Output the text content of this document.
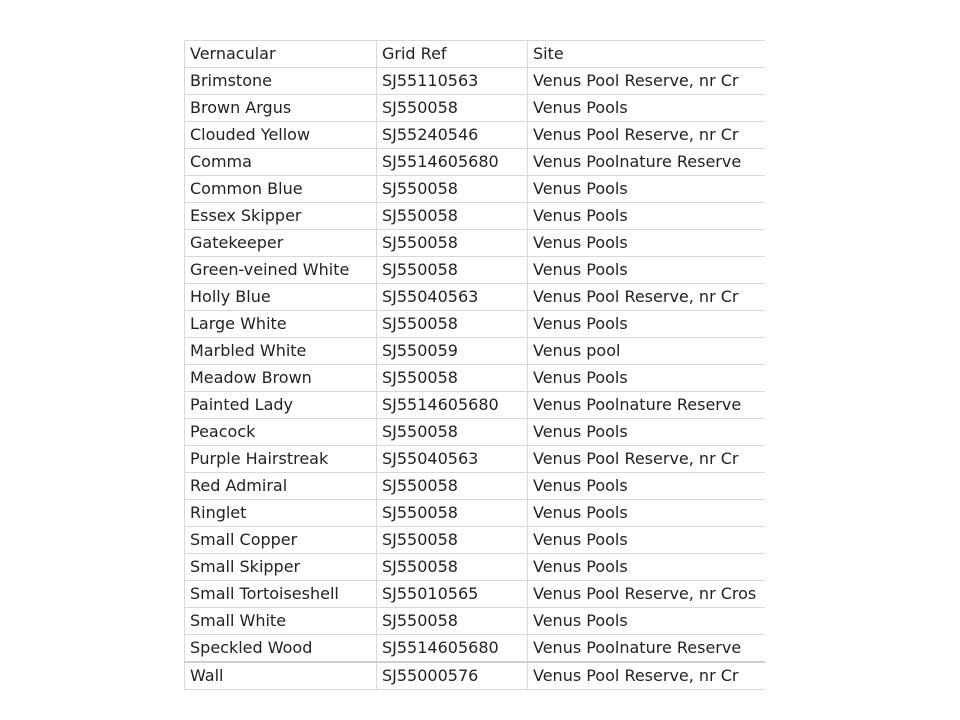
Vernacular	Grid Ref	Site
Brimstone	SJ55110563	Venus Pool Reserve, nr Cr
Brown Argus	SJ550058	Venus Pools
Clouded Yellow	SJ55240546	Venus Pool Reserve, nr Cr
Comma	SJ5514605680	Venus Poolnature Reserve
Common Blue	SJ550058	Venus Pools
Essex Skipper	SJ550058	Venus Pools
Gatekeeper	SJ550058	Venus Pools
Green-veined White	SJ550058	Venus Pools
Holly Blue	SJ55040563	Venus Pool Reserve, nr Cr
Large White	SJ550058	Venus Pools
Marbled White	SJ550059	Venus pool
Meadow Brown	SJ550058	Venus Pools
Painted Lady	SJ5514605680	Venus Poolnature Reserve
Peacock	SJ550058	Venus Pools
Purple Hairstreak	SJ55040563	Venus Pool Reserve, nr Cr
Red Admiral	SJ550058	Venus Pools
Ringlet	SJ550058	Venus Pools
Small Copper	SJ550058	Venus Pools
Small Skipper	SJ550058	Venus Pools
Small Tortoiseshell	SJ55010565	Venus Pool Reserve, nr Cros
Small White	SJ550058	Venus Pools
Speckled Wood	SJ5514605680	Venus Poolnature Reserve
Wall	SJ55000576	Venus Pool Reserve, nr Cr
